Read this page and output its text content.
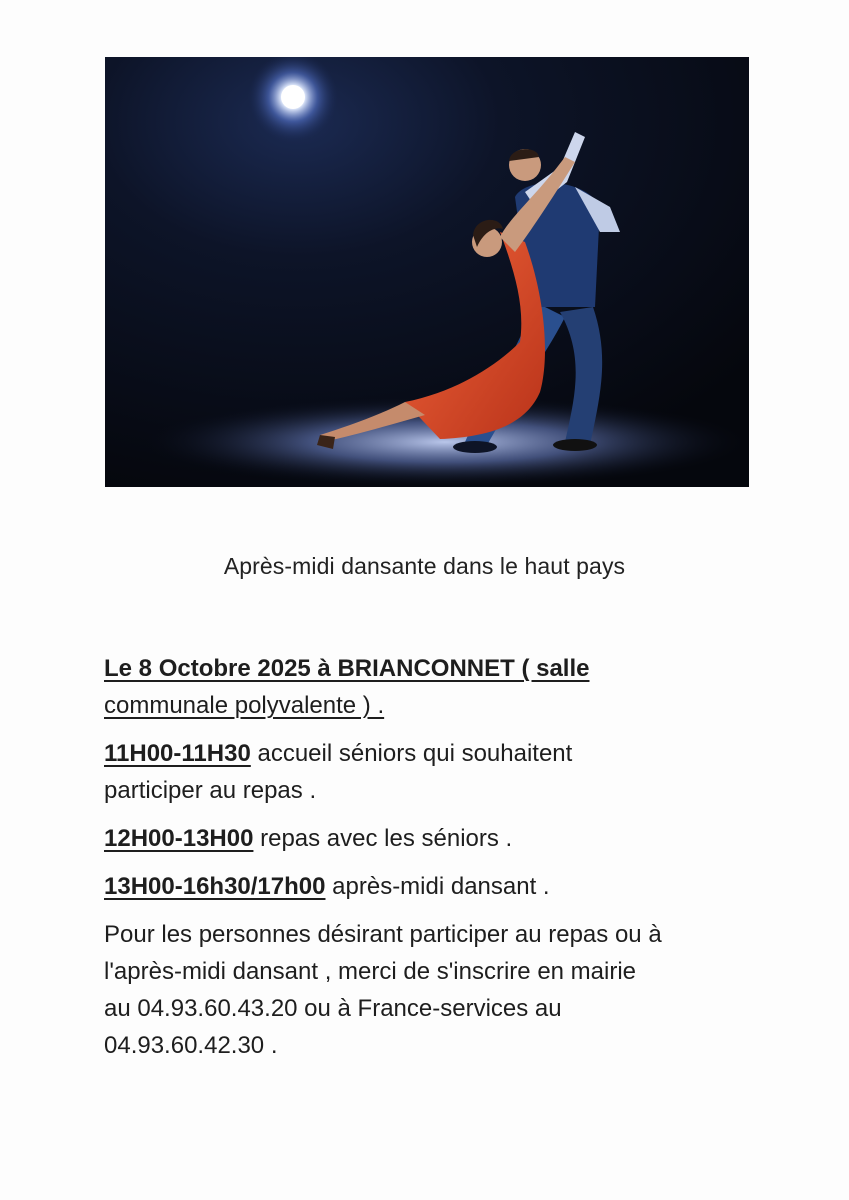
Après-midi dansante dans le haut pays

Le 8 Octobre 2025 à BRIANCONNET ( salle
communale polyvalente ) .

11H00-11H30 accueil séniors qui souhaitent
participer au repas .

12H00-13H00 repas avec les séniors .

13H00-16h30/17h00 après-midi dansant .

Pour les personnes désirant participer au repas ou à
l'après-midi dansant , merci de s'inscrire en mairie
au 04.93.60.43.20 ou à France-services au
04.93.60.42.30 .
